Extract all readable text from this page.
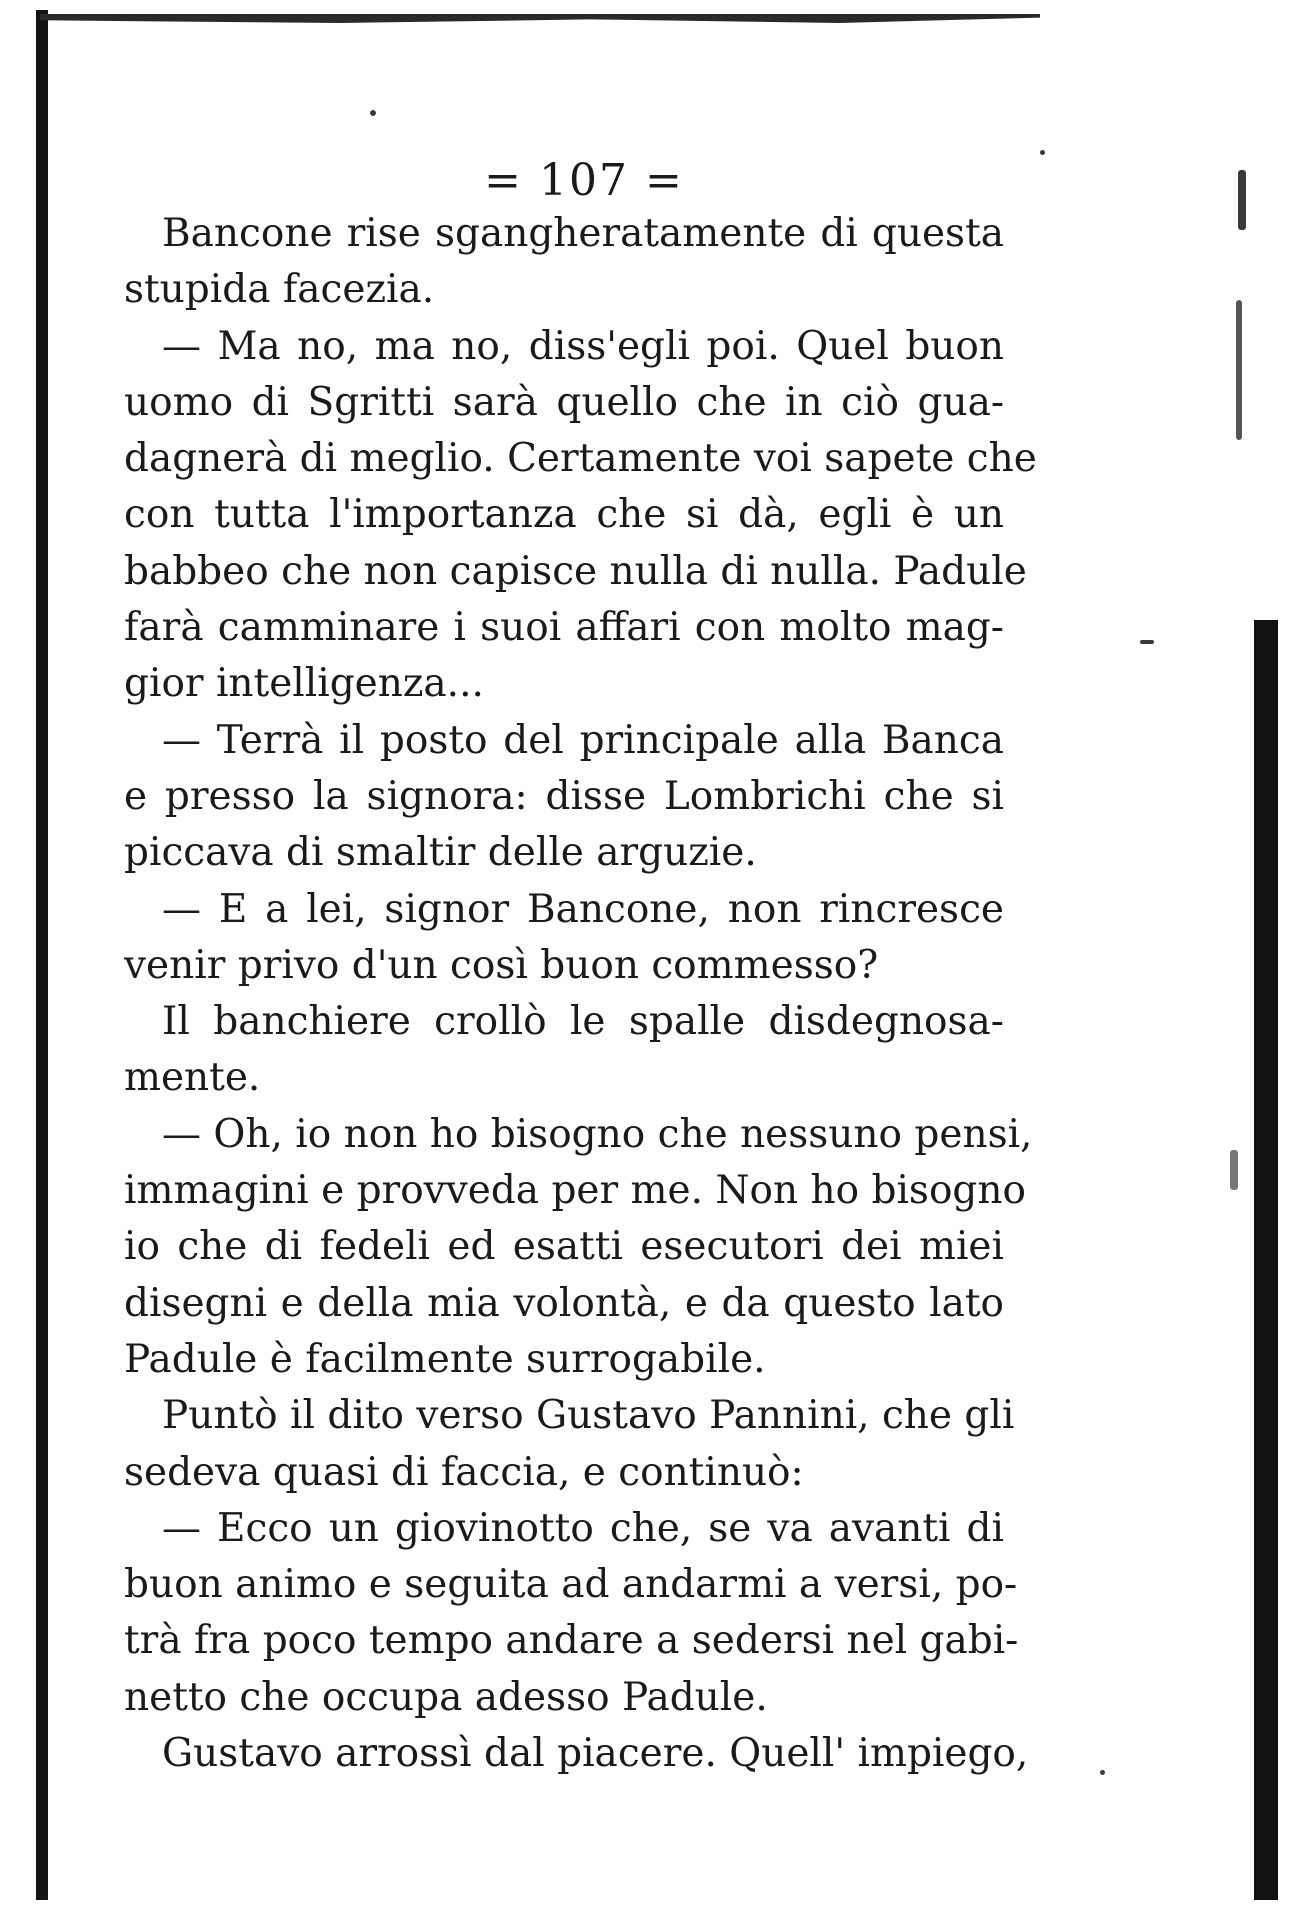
= 107 =
Bancone rise sgangheratamente di questa
stupida facezia.
— Ma no, ma no, diss'egli poi. Quel buon
uomo di Sgritti sarà quello che in ciò gua-
dagnerà di meglio. Certamente voi sapete che
con tutta l'importanza che si dà, egli è un
babbeo che non capisce nulla di nulla. Padule
farà camminare i suoi affari con molto mag-
gior intelligenza...
— Terrà il posto del principale alla Banca
e presso la signora: disse Lombrichi che si
piccava di smaltir delle arguzie.
— E a lei, signor Bancone, non rincresce
venir privo d'un così buon commesso?
Il banchiere crollò le spalle disdegnosa-
mente.
— Oh, io non ho bisogno che nessuno pensi,
immagini e provveda per me. Non ho bisogno
io che di fedeli ed esatti esecutori dei miei
disegni e della mia volontà, e da questo lato
Padule è facilmente surrogabile.
Puntò il dito verso Gustavo Pannini, che gli
sedeva quasi di faccia, e continuò:
— Ecco un giovinotto che, se va avanti di
buon animo e seguita ad andarmi a versi, po-
trà fra poco tempo andare a sedersi nel gabi-
netto che occupa adesso Padule.
Gustavo arrossì dal piacere. Quell' impiego,
